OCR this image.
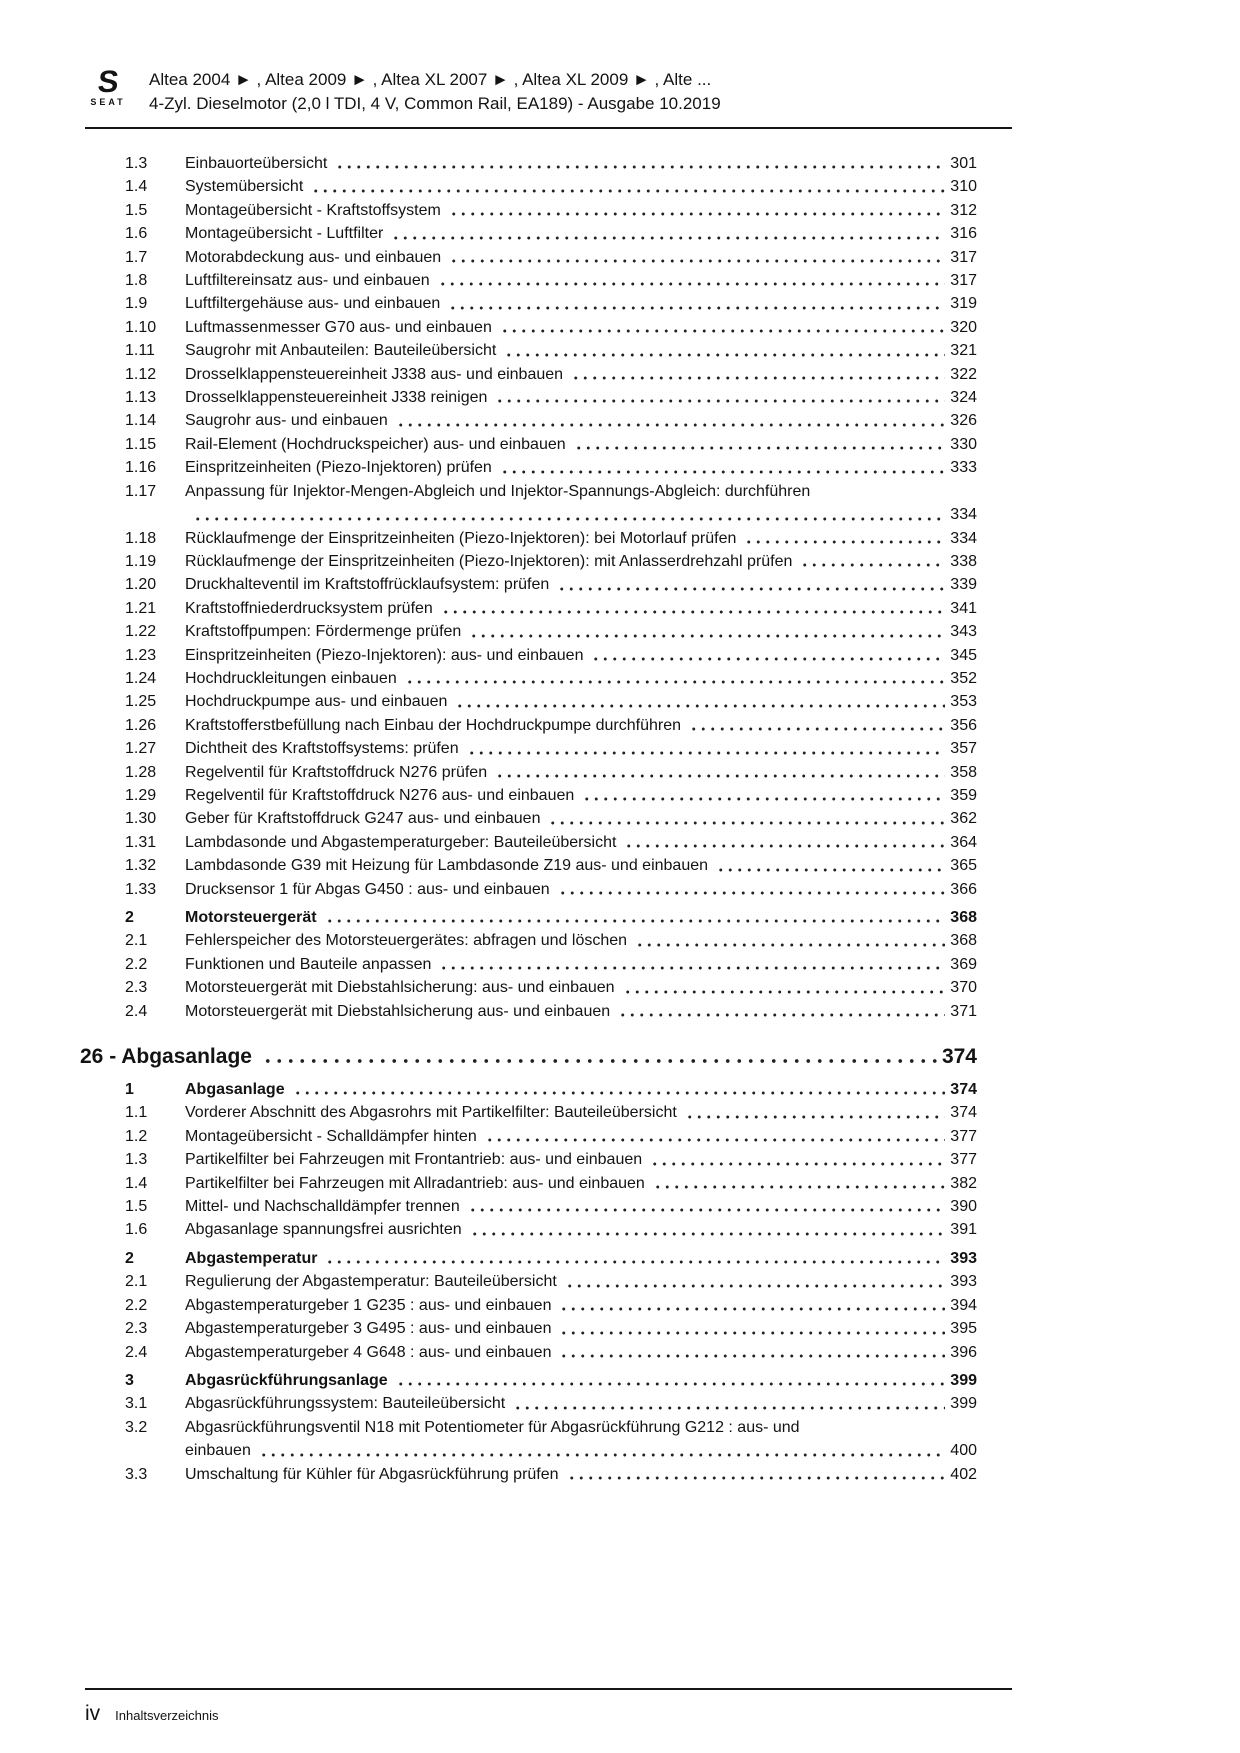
S
SEAT
Altea 2004 ► , Altea 2009 ► , Altea XL 2007 ► , Altea XL 2009 ► , Alte ...
4-Zyl. Dieselmotor (2,0 l TDI, 4 V, Common Rail, EA189) - Ausgabe 10.2019
1.3	Einbauorteübersicht	301
1.4	Systemübersicht	310
1.5	Montageübersicht - Kraftstoffsystem	312
1.6	Montageübersicht - Luftfilter	316
1.7	Motorabdeckung aus- und einbauen	317
1.8	Luftfiltereinsatz aus- und einbauen	317
1.9	Luftfiltergehäuse aus- und einbauen	319
1.10	Luftmassenmesser G70 aus- und einbauen	320
1.11	Saugrohr mit Anbauteilen: Bauteileübersicht	321
1.12	Drosselklappensteuereinheit J338 aus- und einbauen	322
1.13	Drosselklappensteuereinheit J338 reinigen	324
1.14	Saugrohr aus- und einbauen	326
1.15	Rail-Element (Hochdruckspeicher) aus- und einbauen	330
1.16	Einspritzeinheiten (Piezo-Injektoren) prüfen	333
1.17	Anpassung für Injektor-Mengen-Abgleich und Injektor-Spannungs-Abgleich: durchführen
334
1.18	Rücklaufmenge der Einspritzeinheiten (Piezo-Injektoren): bei Motorlauf prüfen	334
1.19	Rücklaufmenge der Einspritzeinheiten (Piezo-Injektoren): mit Anlasserdrehzahl prüfen	338
1.20	Druckhalteventil im Kraftstoffrücklaufsystem: prüfen	339
1.21	Kraftstoffniederdrucksystem prüfen	341
1.22	Kraftstoffpumpen: Fördermenge prüfen	343
1.23	Einspritzeinheiten (Piezo-Injektoren): aus- und einbauen	345
1.24	Hochdruckleitungen einbauen	352
1.25	Hochdruckpumpe aus- und einbauen	353
1.26	Kraftstofferstbefüllung nach Einbau der Hochdruckpumpe durchführen	356
1.27	Dichtheit des Kraftstoffsystems: prüfen	357
1.28	Regelventil für Kraftstoffdruck N276 prüfen	358
1.29	Regelventil für Kraftstoffdruck N276 aus- und einbauen	359
1.30	Geber für Kraftstoffdruck G247 aus- und einbauen	362
1.31	Lambdasonde und Abgastemperaturgeber: Bauteileübersicht	364
1.32	Lambdasonde G39 mit Heizung für Lambdasonde Z19 aus- und einbauen	365
1.33	Drucksensor 1 für Abgas G450 : aus- und einbauen	366
2	Motorsteuergerät	368
2.1	Fehlerspeicher des Motorsteuergerätes: abfragen und löschen	368
2.2	Funktionen und Bauteile anpassen	369
2.3	Motorsteuergerät mit Diebstahlsicherung: aus- und einbauen	370
2.4	Motorsteuergerät mit Diebstahlsicherung aus- und einbauen	371
26 - Abgasanlage	374
1	Abgasanlage	374
1.1	Vorderer Abschnitt des Abgasrohrs mit Partikelfilter: Bauteileübersicht	374
1.2	Montageübersicht - Schalldämpfer hinten	377
1.3	Partikelfilter bei Fahrzeugen mit Frontantrieb: aus- und einbauen	377
1.4	Partikelfilter bei Fahrzeugen mit Allradantrieb: aus- und einbauen	382
1.5	Mittel- und Nachschalldämpfer trennen	390
1.6	Abgasanlage spannungsfrei ausrichten	391
2	Abgastemperatur	393
2.1	Regulierung der Abgastemperatur: Bauteileübersicht	393
2.2	Abgastemperaturgeber 1 G235 : aus- und einbauen	394
2.3	Abgastemperaturgeber 3 G495 : aus- und einbauen	395
2.4	Abgastemperaturgeber 4 G648 : aus- und einbauen	396
3	Abgasrückführungsanlage	399
3.1	Abgasrückführungssystem: Bauteileübersicht	399
3.2	Abgasrückführungsventil N18 mit Potentiometer für Abgasrückführung G212 : aus- und
einbauen	400
3.3	Umschaltung für Kühler für Abgasrückführung prüfen	402
iv Inhaltsverzeichnis
